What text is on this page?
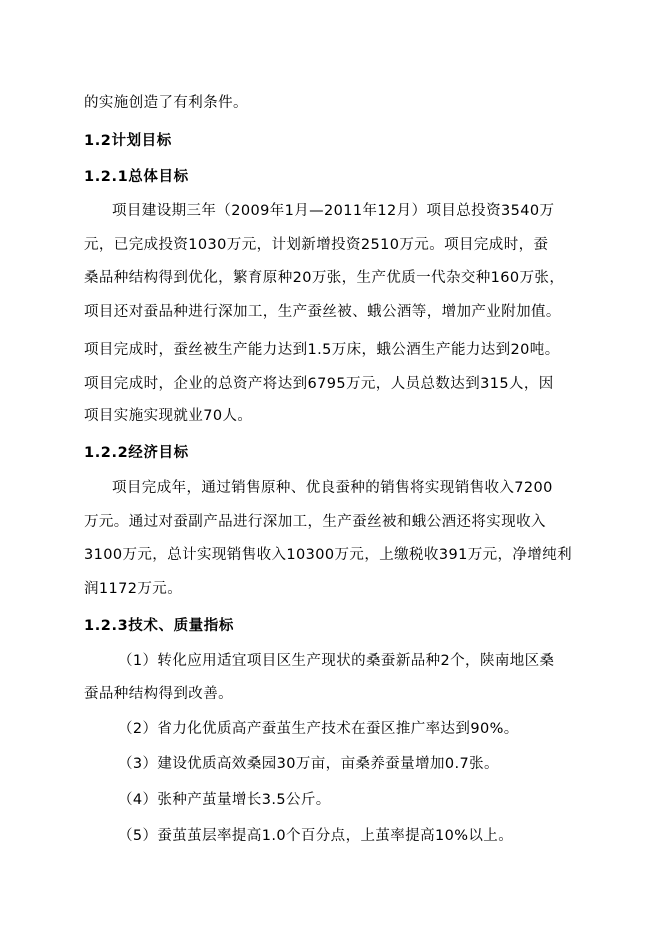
的实施创造了有利条件。
1.2计划目标
1.2.1总体目标
项目建设期三年（2009年1月—2011年12月）项目总投资3540万
元，已完成投资1030万元，计划新增投资2510万元。项目完成时，蚕
桑品种结构得到优化，繁育原种20万张，生产优质一代杂交种160万张，
项目还对蚕品种进行深加工，生产蚕丝被、蛾公酒等，增加产业附加值。
项目完成时，蚕丝被生产能力达到1.5万床，蛾公酒生产能力达到20吨。
项目完成时，企业的总资产将达到6795万元，人员总数达到315人，因
项目实施实现就业70人。
1.2.2经济目标
项目完成年，通过销售原种、优良蚕种的销售将实现销售收入7200
万元。通过对蚕副产品进行深加工，生产蚕丝被和蛾公酒还将实现收入
3100万元，总计实现销售收入10300万元，上缴税收391万元，净增纯利
润1172万元。
1.2.3技术、质量指标
（1）转化应用适宜项目区生产现状的桑蚕新品种2个，陕南地区桑
蚕品种结构得到改善。
（2）省力化优质高产蚕茧生产技术在蚕区推广率达到90%。
（3）建设优质高效桑园30万亩，亩桑养蚕量增加0.7张。
（4）张种产茧量增长3.5公斤。
（5）蚕茧茧层率提高1.0个百分点，上茧率提高10%以上。
